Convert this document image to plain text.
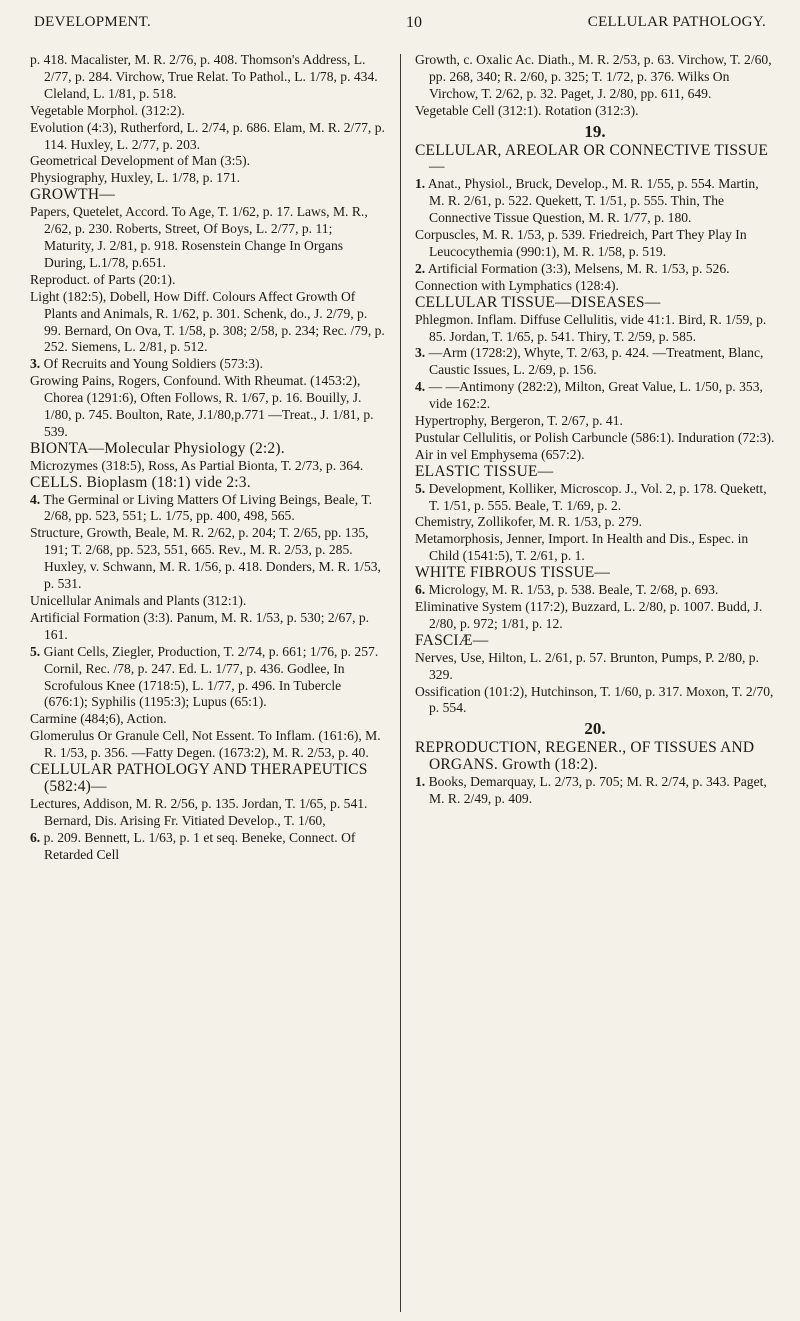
DEVELOPMENT.	10	CELLULAR PATHOLOGY.
p. 418. Macalister, M. R. 2/76, p. 408. Thomson's Address, L. 2/77, p. 284. Virchow, True Relat. To Pathol., L. 1/78, p. 434. Cleland, L. 1/81, p. 518.
Vegetable Morphol. (312:2).
Evolution (4:3), Rutherford, L. 2/74, p. 686. Elam, M. R. 2/77, p. 114. Huxley, L. 2/77, p. 203.
Geometrical Development of Man (3:5).
Physiography, Huxley, L. 1/78, p. 171.
GROWTH—
Papers, Quetelet, Accord. To Age, T. 1/62, p. 17. Laws, M. R., 2/62, p. 230. Roberts, Street, Of Boys, L. 2/77, p. 11; Maturity, J. 2/81, p. 918. Rosenstein Change In Organs During, L.1/78, p.651.
Reproduct. of Parts (20:1).
Light (182:5), Dobell, How Diff. Colours Affect Growth Of Plants and Animals, R. 1/62, p. 301. Schenk, do., J. 2/79, p. 99. Bernard, On Ova, T. 1/58, p. 308; 2/58, p. 234; Rec. /79, p. 252. Siemens, L. 2/81, p. 512.
3. Of Recruits and Young Soldiers (573:3).
Growing Pains, Rogers, Confound. With Rheumat. (1453:2), Chorea (1291:6), Often Follows, R. 1/67, p. 16. Bouilly, J. 1/80, p. 745. Boulton, Rate, J.1/80,p.771 —Treat., J. 1/81, p. 539.
BIONTA—Molecular Physiology (2:2).
Microzymes (318:5), Ross, As Partial Bionta, T. 2/73, p. 364.
CELLS. Bioplasm (18:1) vide 2:3.
4. The Germinal or Living Matters Of Living Beings, Beale, T. 2/68, pp. 523, 551; L. 1/75, pp. 400, 498, 565.
Structure, Growth, Beale, M. R. 2/62, p. 204; T. 2/65, pp. 135, 191; T. 2/68, pp. 523, 551, 665. Rev., M. R. 2/53, p. 285. Huxley, v. Schwann, M. R. 1/56, p. 418. Donders, M. R. 1/53, p. 531.
Unicellular Animals and Plants (312:1).
Artificial Formation (3:3). Panum, M. R. 1/53, p. 530; 2/67, p. 161.
5. Giant Cells, Ziegler, Production, T. 2/74, p. 661; 1/76, p. 257. Cornil, Rec. /78, p. 247. Ed. L. 1/77, p. 436. Godlee, In Scrofulous Knee (1718:5), L. 1/77, p. 496. In Tubercle (676:1); Syphilis (1195:3); Lupus (65:1).
Carmine (484;6), Action.
Glomerulus Or Granule Cell, Not Essent. To Inflam. (161:6), M. R. 1/53, p. 356. —Fatty Degen. (1673:2), M. R. 2/53, p. 40.
CELLULAR PATHOLOGY AND THERAPEUTICS (582:4)—
Lectures, Addison, M. R. 2/56, p. 135. Jordan, T. 1/65, p. 541. Bernard, Dis. Arising Fr. Vitiated Develop., T. 1/60,
6. p. 209. Bennett, L. 1/63, p. 1 et seq. Beneke, Connect. Of Retarded Cell
Growth, c. Oxalic Ac. Diath., M. R. 2/53, p. 63. Virchow, T. 2/60, pp. 268, 340; R. 2/60, p. 325; T. 1/72, p. 376. Wilks On Virchow, T. 2/62, p. 32. Paget, J. 2/80, pp. 611, 649.
Vegetable Cell (312:1). Rotation (312:3).
19.
CELLULAR, AREOLAR OR CONNECTIVE TISSUE—
1. Anat., Physiol., Bruck, Develop., M. R. 1/55, p. 554. Martin, M. R. 2/61, p. 522. Quekett, T. 1/51, p. 555. Thin, The Connective Tissue Question, M. R. 1/77, p. 180.
Corpuscles, M. R. 1/53, p. 539. Friedreich, Part They Play In Leucocythemia (990:1), M. R. 1/58, p. 519.
2. Artificial Formation (3:3), Melsens, M. R. 1/53, p. 526.
Connection with Lymphatics (128:4).
CELLULAR TISSUE—DISEASES—
Phlegmon. Inflam. Diffuse Cellulitis, vide 41:1. Bird, R. 1/59, p. 85. Jordan, T. 1/65, p. 541. Thiry, T. 2/59, p. 585.
3. —Arm (1728:2), Whyte, T. 2/63, p. 424. —Treatment, Blanc, Caustic Issues, L. 2/69, p. 156.
4. — —Antimony (282:2), Milton, Great Value, L. 1/50, p. 353, vide 162:2.
Hypertrophy, Bergeron, T. 2/67, p. 41.
Pustular Cellulitis, or Polish Carbuncle (586:1). Induration (72:3).
Air in vel Emphysema (657:2).
ELASTIC TISSUE—
5. Development, Kolliker, Microscop. J., Vol. 2, p. 178. Quekett, T. 1/51, p. 555. Beale, T. 1/69, p. 2.
Chemistry, Zollikofer, M. R. 1/53, p. 279.
Metamorphosis, Jenner, Import. In Health and Dis., Espec. in Child (1541:5), T. 2/61, p. 1.
WHITE FIBROUS TISSUE—
6. Micrology, M. R. 1/53, p. 538. Beale, T. 2/68, p. 693.
Eliminative System (117:2), Buzzard, L. 2/80, p. 1007. Budd, J. 2/80, p. 972; 1/81, p. 12.
FASCIÆ—
Nerves, Use, Hilton, L. 2/61, p. 57. Brunton, Pumps, P. 2/80, p. 329.
Ossification (101:2), Hutchinson, T. 1/60, p. 317. Moxon, T. 2/70, p. 554.
20.
REPRODUCTION, REGENER., OF TISSUES AND ORGANS. Growth (18:2).
1. Books, Demarquay, L. 2/73, p. 705; M. R. 2/74, p. 343. Paget, M. R. 2/49, p. 409.
